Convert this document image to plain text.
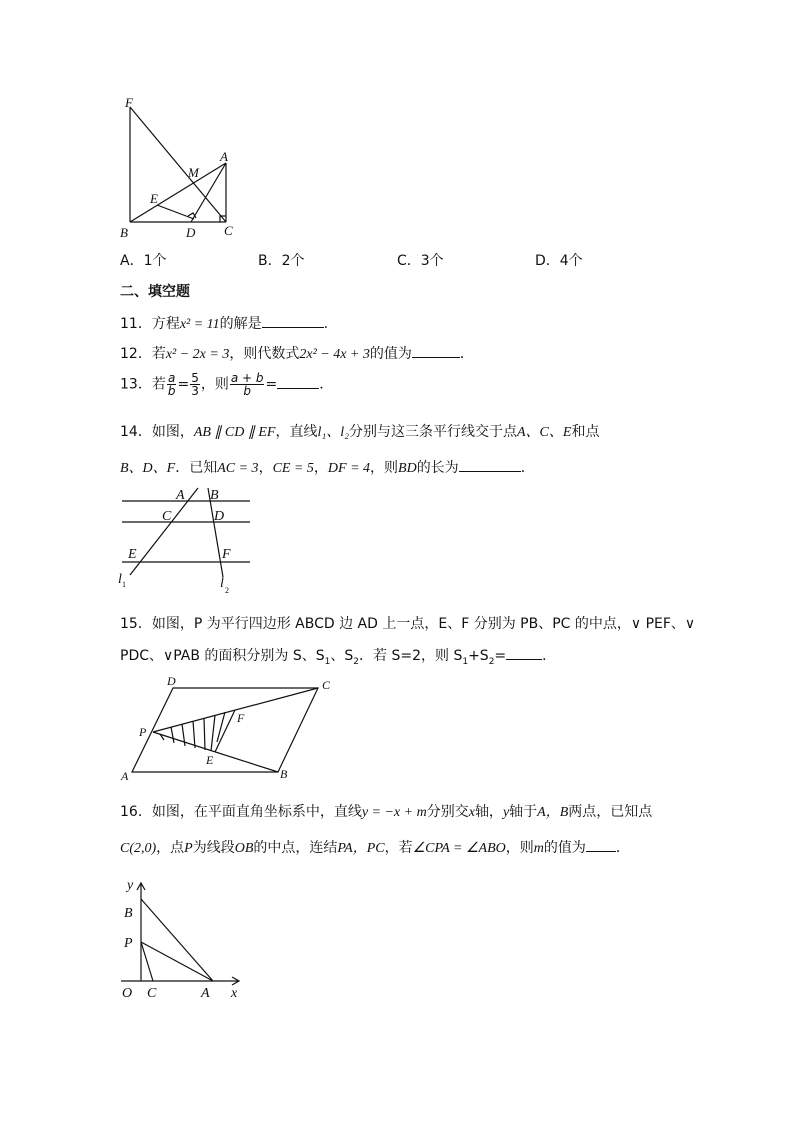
F
A
M
E
B	D C
A．1个	B．2个	C．3个	D．4个
二、填空题
11．方程x² = 11的解是	.
12．若x² − 2x = 3，则代数式2x² − 4x + 3的值为	．
13．若 $\frac{a}{b} = \frac{5}{3}$ ，则 $\frac{a + b}{b}$ =	．
14．如图，AB ∥ CD ∥ EF，直线l₁、l₂分别与这三条平行线交于点A、C、E和点
B、D、F．已知AC = 3，CE = 5，DF = 4，则BD的长为	．
A B
C	D
E	F
l 1	l 2
15．如图，P 为平行四边形 ABCD 边 AD 上一点，E、F 分别为 PB、PC 的中点，∨ PEF、∨
PDC、∨PAB 的面积分别为 S、$S_1$、$S_2$．若 S=2，则 $S_1+S_2=$	．
D	C
P
F
E
A	B
16．如图，在平面直角坐标系中，直线y = −x + m分别交x轴，y轴于A，B两点，已知点
C(2,0)，点P为线段OB的中点，连结PA，PC，若∠CPA = ∠ABO，则m的值为 ．
y
B
P
O C	A x
